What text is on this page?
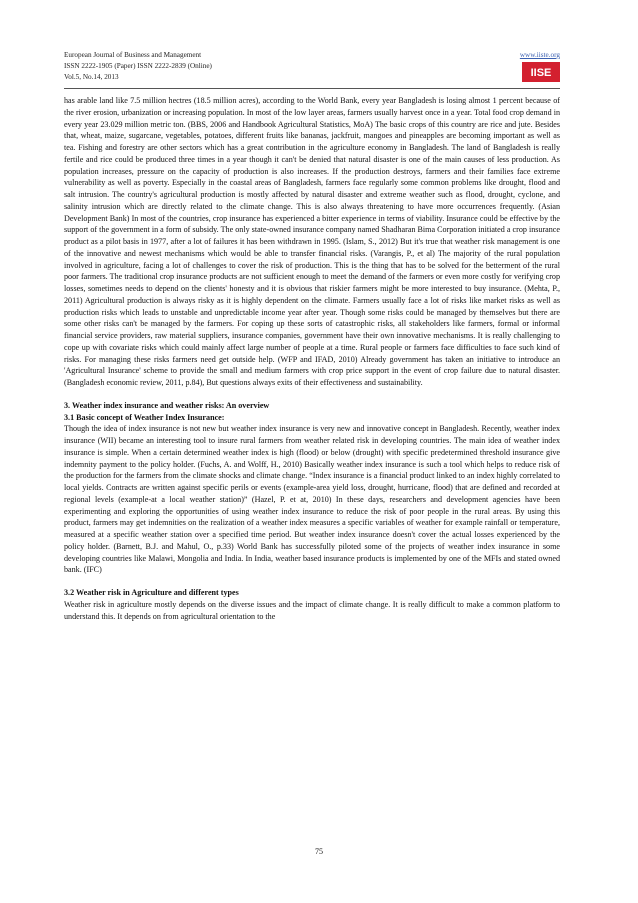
European Journal of Business and Management
ISSN 2222-1905 (Paper) ISSN 2222-2839 (Online)
Vol.5, No.14, 2013
www.iiste.org
IISE

has arable land like 7.5 million hectres (18.5 million acres), according to the World Bank, every year Bangladesh is losing almost 1 percent because of the river erosion, urbanization or increasing population. In most of the low layer areas, farmers usually harvest once in a year. Total food crop demand in every year 23.029 million metric ton. (BBS, 2006 and Handbook Agricultural Statistics, MoA) The basic crops of this country are rice and jute. Besides that, wheat, maize, sugarcane, vegetables, potatoes, different fruits like bananas, jackfruit, mangoes and pineapples are becoming important as well as tea. Fishing and forestry are other sectors which has a great contribution in the agriculture economy in Bangladesh. The land of Bangladesh is really fertile and rice could be produced three times in a year though it can't be denied that natural disaster is one of the main causes of less production. As population increases, pressure on the capacity of production is also increases. If the production destroys, farmers and their families face extreme vulnerability as well as poverty. Especially in the coastal areas of Bangladesh, farmers face regularly some common problems like drought, flood and salt intrusion. The country's agricultural production is mostly affected by natural disaster and extreme weather such as flood, drought, cyclone, and salinity intrusion which are directly related to the climate change. This is also always threatening to have more occurrences frequently. (Asian Development Bank) In most of the countries, crop insurance has experienced a bitter experience in terms of viability. Insurance could be effective by the support of the government in a form of subsidy. The only state-owned insurance company named Shadharan Bima Corporation initiated a crop insurance product as a pilot basis in 1977, after a lot of failures it has been withdrawn in 1995. (Islam, S., 2012) But it's true that weather risk management is one of the innovative and newest mechanisms which would be able to transfer financial risks. (Varangis, P., et al) The majority of the rural population involved in agriculture, facing a lot of challenges to cover the risk of production. This is the thing that has to be solved for the betterment of the rural poor farmers. The traditional crop insurance products are not sufficient enough to meet the demand of the farmers or even more costly for verifying crop losses, sometimes needs to depend on the clients' honesty and it is obvious that riskier farmers might be more interested to buy insurance. (Mehta, P., 2011) Agricultural production is always risky as it is highly dependent on the climate. Farmers usually face a lot of risks like market risks as well as production risks which leads to unstable and unpredictable income year after year. Though some risks could be managed by themselves but there are some other risks can't be managed by the farmers. For coping up these sorts of catastrophic risks, all stakeholders like farmers, formal or informal financial service providers, raw material suppliers, insurance companies, government have their own innovative mechanisms. It is really challenging to cope up with covariate risks which could mainly affect large number of people at a time. Rural people or farmers face difficulties to face such kind of risks. For managing these risks farmers need get outside help. (WFP and IFAD, 2010) Already government has taken an initiative to introduce an 'Agricultural Insurance' scheme to provide the small and medium farmers with crop price support in the event of crop failure due to natural disaster. (Bangladesh economic review, 2011, p.84), But questions always exits of their effectiveness and sustainability.

3. Weather index insurance and weather risks: An overview

3.1 Basic concept of Weather Index Insurance:

Though the idea of index insurance is not new but weather index insurance is very new and innovative concept in Bangladesh. Recently, weather index insurance (WII) became an interesting tool to insure rural farmers from weather related risk in developing countries. The main idea of weather index insurance is simple. When a certain determined weather index is high (flood) or below (drought) with specific predetermined threshold insurance give indemnity payment to the policy holder. (Fuchs, A. and Wolff, H., 2010) Basically weather index insurance is such a tool which helps to reduce risk of the production for the farmers from the climate shocks and climate change. “Index insurance is a financial product linked to an index highly correlated to local yields. Contracts are written against specific perils or events (example-area yield loss, drought, hurricane, flood) that are defined and recorded at regional levels (example-at a local weather station)” (Hazel, P. et at, 2010) In these days, researchers and development agencies have been experimenting and exploring the opportunities of using weather index insurance to reduce the risk of poor people in the rural areas. By using this product, farmers may get indemnities on the realization of a weather index measures a specific variables of weather for example rainfall or temperature, measured at a specific weather station over a specified time period. But weather index insurance doesn't cover the actual losses experienced by the policy holder. (Barnett, B.J. and Mahul, O., p.33) World Bank has successfully piloted some of the projects of weather index insurance in some developing countries like Malawi, Mongolia and India. In India, weather based insurance products is implemented by one of the MFIs and stated owned bank. (IFC)

3.2 Weather risk in Agriculture and different types

Weather risk in agriculture mostly depends on the diverse issues and the impact of climate change. It is really difficult to make a common platform to understand this. It depends on from agricultural orientation to the

75
